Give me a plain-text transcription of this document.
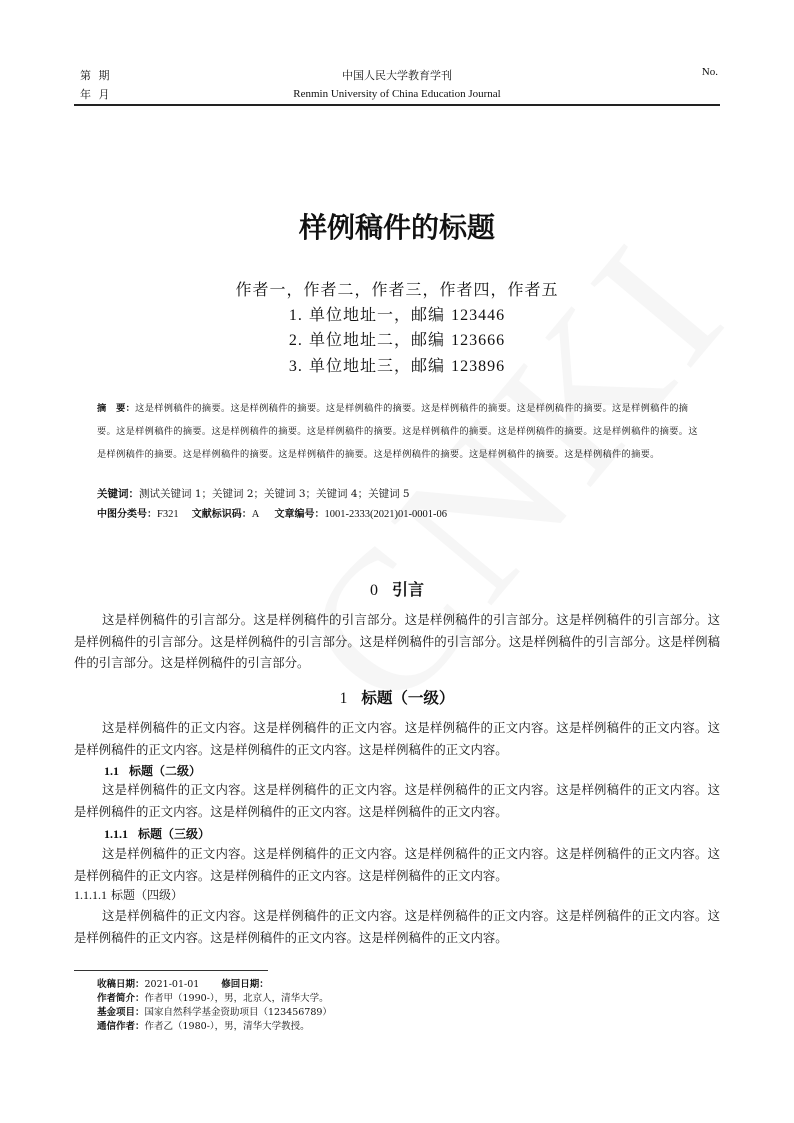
第 期
年 月
中国人民大学教育学刊
Renmin University of China Education Journal
No.
样例稿件的标题
作者一，作者二，作者三，作者四，作者五
1. 单位地址一，邮编 123446
2. 单位地址二，邮编 123666
3. 单位地址三，邮编 123896
摘　要：这是样例稿件的摘要。这是样例稿件的摘要。这是样例稿件的摘要。这是样例稿件的摘要。这是样例稿件的摘要。这是样例稿件的摘要。这是样例稿件的摘要。这是样例稿件的摘要。这是样例稿件的摘要。这是样例稿件的摘要。这是样例稿件的摘要。这是样例稿件的摘要。这是样例稿件的摘要。这是样例稿件的摘要。这是样例稿件的摘要。这是样例稿件的摘要。这是样例稿件的摘要。这是样例稿件的摘要。
关键词：测试关键词 1；关键词 2；关键词 3；关键词 4；关键词 5
中图分类号：F321 文献标识码：A 文章编号：1001-2333(2021)01-0001-06
0 引言
这是样例稿件的引言部分。这是样例稿件的引言部分。这是样例稿件的引言部分。这是样例稿件的引言部分。这是样例稿件的引言部分。这是样例稿件的引言部分。这是样例稿件的引言部分。这是样例稿件的引言部分。这是样例稿件的引言部分。这是样例稿件的引言部分。
1 标题（一级）
这是样例稿件的正文内容。这是样例稿件的正文内容。这是样例稿件的正文内容。这是样例稿件的正文内容。这是样例稿件的正文内容。这是样例稿件的正文内容。这是样例稿件的正文内容。
1.1 标题（二级）
这是样例稿件的正文内容。这是样例稿件的正文内容。这是样例稿件的正文内容。这是样例稿件的正文内容。这是样例稿件的正文内容。这是样例稿件的正文内容。这是样例稿件的正文内容。
1.1.1 标题（三级）
这是样例稿件的正文内容。这是样例稿件的正文内容。这是样例稿件的正文内容。这是样例稿件的正文内容。这是样例稿件的正文内容。这是样例稿件的正文内容。这是样例稿件的正文内容。
1.1.1.1 标题（四级）
这是样例稿件的正文内容。这是样例稿件的正文内容。这是样例稿件的正文内容。这是样例稿件的正文内容。这是样例稿件的正文内容。这是样例稿件的正文内容。这是样例稿件的正文内容。
收稿日期：2021-01-01 修回日期：
作者简介：作者甲（1990-），男，北京人，清华大学。
基金项目：国家自然科学基金资助项目（123456789）
通信作者：作者乙（1980-），男，清华大学教授。
